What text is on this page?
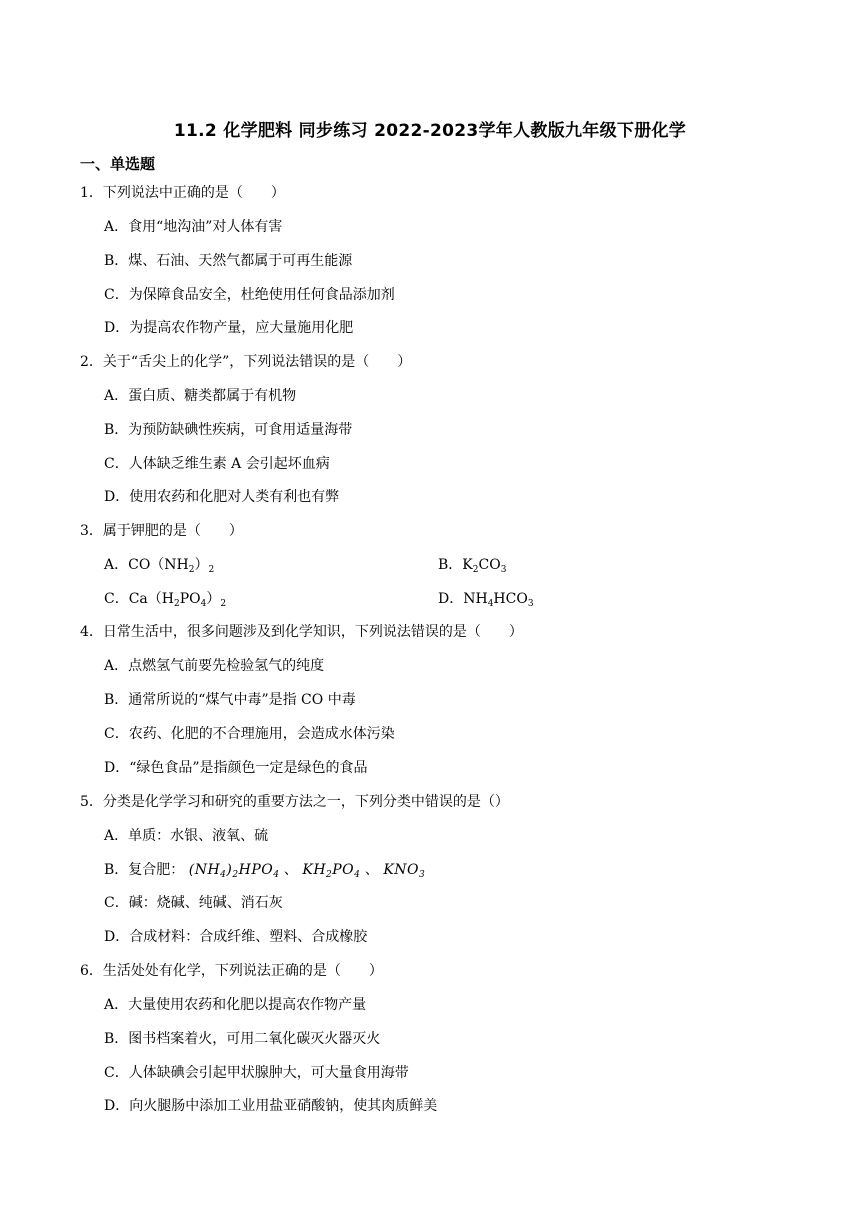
11.2 化学肥料 同步练习 2022-2023学年人教版九年级下册化学
一、单选题
1．下列说法中正确的是（　　）
A．食用“地沟油”对人体有害
B．煤、石油、天然气都属于可再生能源
C．为保障食品安全，杜绝使用任何食品添加剂
D．为提高农作物产量，应大量施用化肥
2．关于“舌尖上的化学”，下列说法错误的是（　　）
A．蛋白质、糖类都属于有机物
B．为预防缺碘性疾病，可食用适量海带
C．人体缺乏维生素 A 会引起坏血病
D．使用农药和化肥对人类有利也有弊
3．属于钾肥的是（　　）
A．$CO(NH_2)_2$	B．$K_2CO_3$
C．$Ca(H_2PO_4)_2$	D．$NH_4HCO_3$
4．日常生活中，很多问题涉及到化学知识，下列说法错误的是（　　）
A．点燃氢气前要先检验氢气的纯度
B．通常所说的“煤气中毒”是指 CO 中毒
C．农药、化肥的不合理施用，会造成水体污染
D．“绿色食品”是指颜色一定是绿色的食品
5．分类是化学学习和研究的重要方法之一，下列分类中错误的是（）
A．单质：水银、液氧、硫
B．复合肥： $(NH_4)_2HPO_4$ 、 $KH_2PO_4$ 、 $KNO_3$
C．碱：烧碱、纯碱、消石灰
D．合成材料：合成纤维、塑料、合成橡胶
6．生活处处有化学，下列说法正确的是（　　）
A．大量使用农药和化肥以提高农作物产量
B．图书档案着火，可用二氧化碳灭火器灭火
C．人体缺碘会引起甲状腺肿大，可大量食用海带
D．向火腿肠中添加工业用盐亚硝酸钠，使其肉质鲜美
